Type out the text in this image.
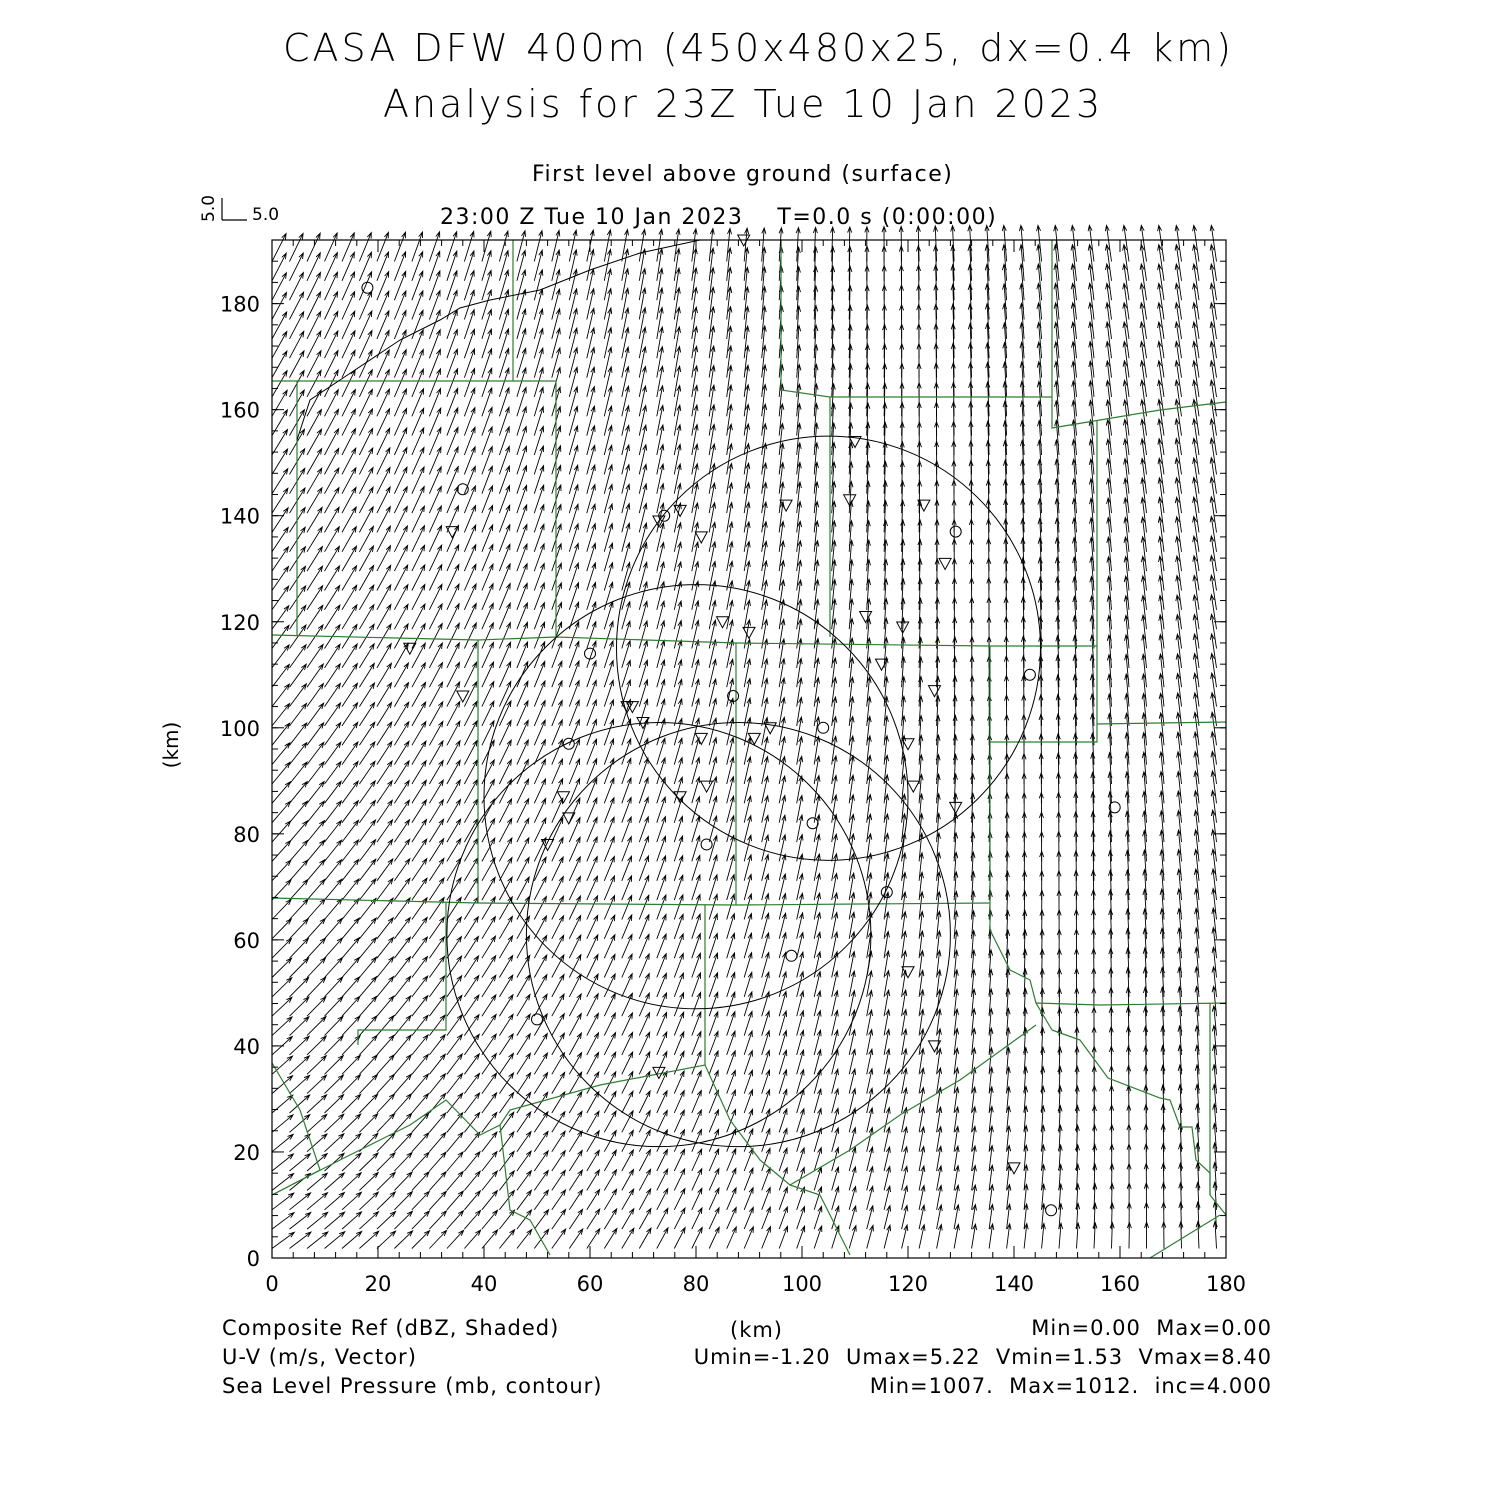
CASA DFW 400m (450x480x25, dx=0.4 km)
Analysis for 23Z Tue 10 Jan 2023
First level above ground (surface)
23:00 Z Tue 10 Jan 2023    T=0.0 s (0:00:00)
0	20	40	60	80	100	120	140	160	180
0
20
40
60
80
100
120
140
160
180
(km)
5.0
5.0
Composite Ref (dBZ, Shaded)
U-V (m/s, Vector)
Sea Level Pressure (mb, contour)
(km)	Min=0.00  Max=0.00
Umin=-1.20  Umax=5.22  Vmin=1.53  Vmax=8.40
Min=1007.  Max=1012.  inc=4.000
